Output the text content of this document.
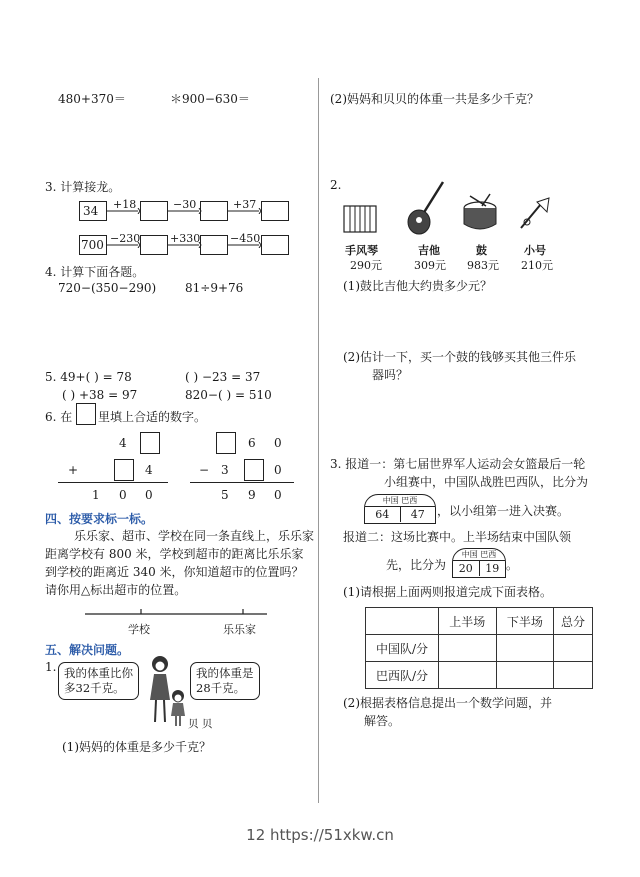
480+370＝	＊900−630＝
3. 计算接龙。
34 +18	−30	+37
700 −230	+330	−450
4. 计算下面各题。
720−(350−290) 81÷9+76
5. 49+( ) = 78	( ) −23 = 37
( ) +38 = 97	820−( ) = 510
6. 在 里填上合适的数字。
4
+	4
1 0 0
6 0
− 3	0
5 9 0
四、按要求标一标。
乐乐家、超市、学校在同一条直线上，乐乐家
距离学校有 800 米，学校到超市的距离比乐乐家
到学校的距离近 340 米，你知道超市的位置吗？
请你用△标出超市的位置。
学校	乐乐家
五、解决问题。
1. 我的体重比你
多32千克。
我的体重是
28千克。
贝 贝
(1)妈妈的体重是多少千克？
(2)妈妈和贝贝的体重一共是多少千克？
2.
手风琴
290元
吉他
309元
鼓
983元
小号
210元
(1)鼓比吉他大约贵多少元？
(2)估计一下，买一个鼓的钱够买其他三件乐
器吗？
3. 报道一：第七届世界军人运动会女篮最后一轮
小组赛中，中国队战胜巴西队，比分为
中国 巴西
64	47	，以小组第一进入决赛。
报道二：这场比赛中。上半场结束中国队领
先，比分为
中国 巴西
20	19 。
(1)请根据上面两则报道完成下面表格。
	上半场	下半场	总分
中国队/分			
巴西队/分			
(2)根据表格信息提出一个数学问题，并
解答。
12 https://51xkw.cn
